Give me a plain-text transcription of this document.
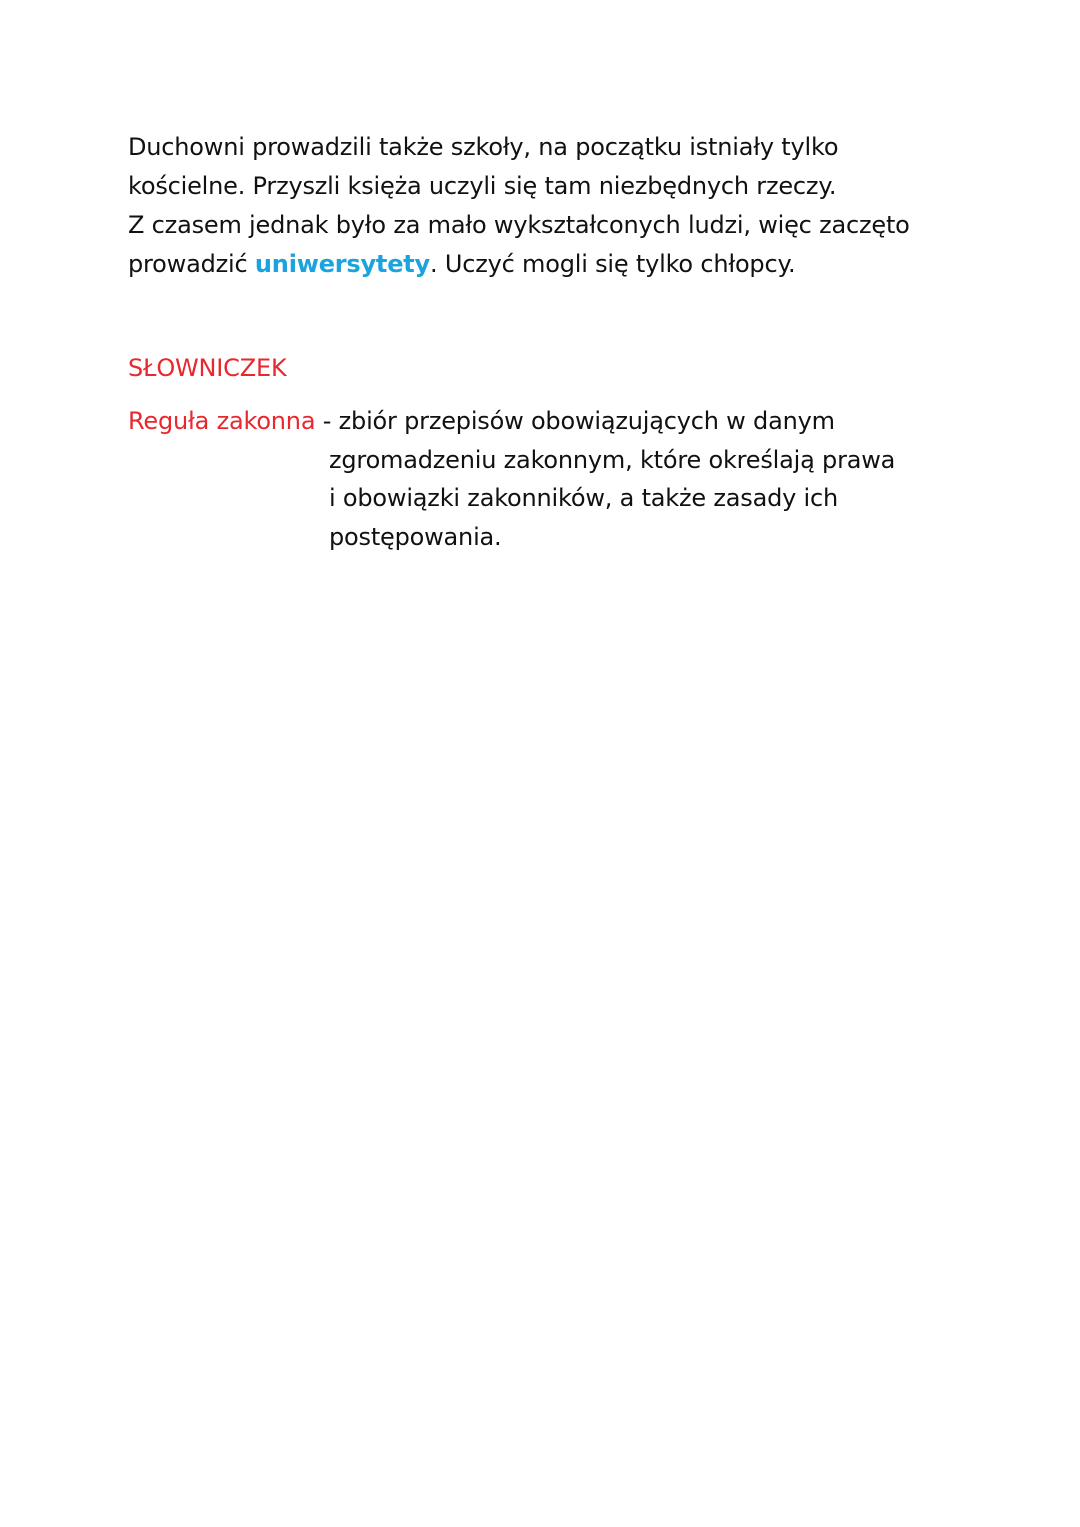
Duchowni prowadzili także szkoły, na początku istniały tylko
kościelne. Przyszli księża uczyli się tam niezbędnych rzeczy.
Z czasem jednak było za mało wykształconych ludzi, więc zaczęto
prowadzić uniwersytety. Uczyć mogli się tylko chłopcy.
SŁOWNICZEK
Reguła zakonna - zbiór przepisów obowiązujących w danym
zgromadzeniu zakonnym, które określają prawa
i obowiązki zakonników, a także zasady ich
postępowania.
